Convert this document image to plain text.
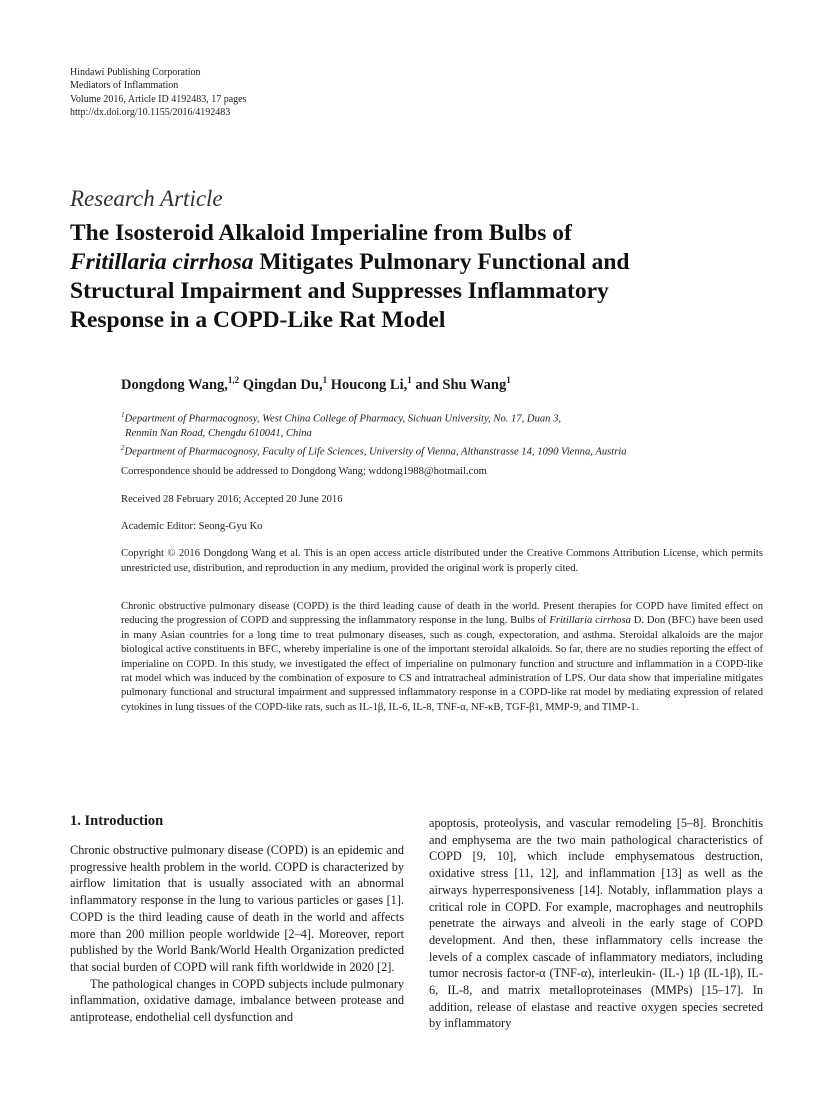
Hindawi Publishing Corporation
Mediators of Inflammation
Volume 2016, Article ID 4192483, 17 pages
http://dx.doi.org/10.1155/2016/4192483
Research Article
The Isosteroid Alkaloid Imperialine from Bulbs of
Fritillaria cirrhosa Mitigates Pulmonary Functional and
Structural Impairment and Suppresses Inflammatory
Response in a COPD-Like Rat Model
Dongdong Wang,$^{1,2}$ Qingdan Du,$^1$ Houcong Li,$^1$ and Shu Wang$^1$
$^1$Department of Pharmacognosy, West China College of Pharmacy, Sichuan University, No. 17, Duan 3,
Renmin Nan Road, Chengdu 610041, China
$^2$Department of Pharmacognosy, Faculty of Life Sciences, University of Vienna, Althanstrasse 14, 1090 Vienna, Austria
Correspondence should be addressed to Dongdong Wang; wddong1988@hotmail.com
Received 28 February 2016; Accepted 20 June 2016
Academic Editor: Seong-Gyu Ko
Copyright © 2016 Dongdong Wang et al. This is an open access article distributed under the Creative Commons Attribution License, which permits unrestricted use, distribution, and reproduction in any medium, provided the original work is properly cited.
Chronic obstructive pulmonary disease (COPD) is the third leading cause of death in the world. Present therapies for COPD have limited effect on reducing the progression of COPD and suppressing the inflammatory response in the lung. Bulbs of Fritillaria cirrhosa D. Don (BFC) have been used in many Asian countries for a long time to treat pulmonary diseases, such as cough, expectoration, and asthma. Steroidal alkaloids are the major biological active constituents in BFC, whereby imperialine is one of the important steroidal alkaloids. So far, there are no studies reporting the effect of imperialine on COPD. In this study, we investigated the effect of imperialine on pulmonary function and structure and inflammation in a COPD-like rat model which was induced by the combination of exposure to CS and intratracheal administration of LPS. Our data show that imperialine mitigates pulmonary functional and structural impairment and suppressed inflammatory response in a COPD-like rat model by mediating expression of related cytokines in lung tissues of the COPD-like rats, such as IL-1β, IL-6, IL-8, TNF-α, NF-κB, TGF-β1, MMP-9, and TIMP-1.
1. Introduction

Chronic obstructive pulmonary disease (COPD) is an epidemic and progressive health problem in the world. COPD is characterized by airflow limitation that is usually associated with an abnormal inflammatory response in the lung to various particles or gases [1]. COPD is the third leading cause of death in the world and affects more than 200 million people worldwide [2–4]. Moreover, report published by the World Bank/World Health Organization predicted that social burden of COPD will rank fifth worldwide in 2020 [2].

The pathological changes in COPD subjects include pulmonary inflammation, oxidative damage, imbalance between protease and antiprotease, endothelial cell dysfunction and

apoptosis, proteolysis, and vascular remodeling [5–8]. Bronchitis and emphysema are the two main pathological characteristics of COPD [9, 10], which include emphysematous destruction, oxidative stress [11, 12], and inflammation [13] as well as the airways hyperresponsiveness [14]. Notably, inflammation plays a critical role in COPD. For example, macrophages and neutrophils penetrate the airways and alveoli in the early stage of COPD development. And then, these inflammatory cells increase the levels of a complex cascade of inflammatory mediators, including tumor necrosis factor-α (TNF-α), interleukin- (IL-) 1β (IL-1β), IL-6, IL-8, and matrix metalloproteinases (MMPs) [15–17]. In addition, release of elastase and reactive oxygen species secreted by inflammatory
